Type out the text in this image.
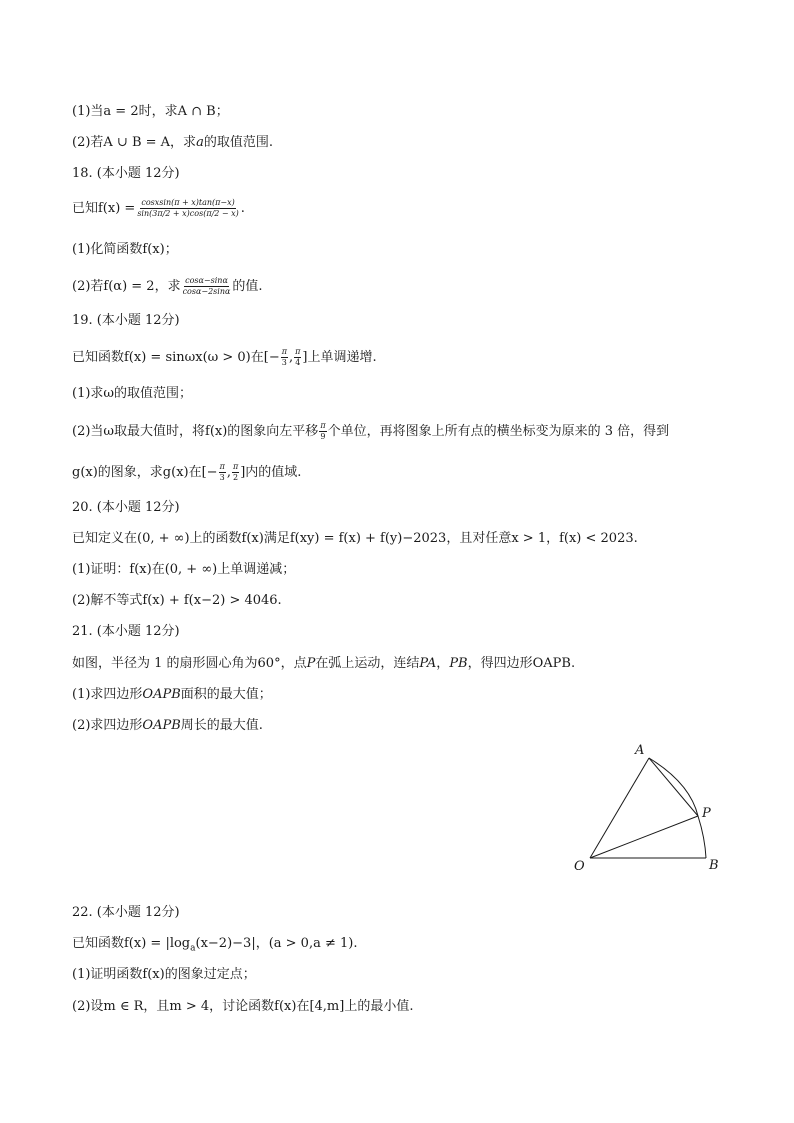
(1)当a = 2时，求A ∩ B；
(2)若A ∪ B = A，求a的取值范围.
18. (本小题 12分)
已知$f(x) = \frac{\text{cosxsin(π + x)tan(π−x)}}{\sin(3\pi/2 + x)\cos(\pi/2 - x)}$ .
(1)化简函数f(x)；
(2)若f(α) = 2，求 $\frac{\cos\alpha-\sin\alpha}{\cos\alpha-2\sin\alpha}$ 的值.
19. (本小题 12分)
已知函数f(x) = sinωx(ω > 0)在[− $\frac{\pi}{3}$ , $\frac{\pi}{4}$ ]上单调递增.
(1)求ω的取值范围；
(2)当ω取最大值时，将f(x)的图象向左平移 $\frac{\pi}{9}$ 个单位，再将图象上所有点的横坐标变为原来的 3 倍，得到
g(x)的图象，求g(x)在[− $\frac{\pi}{3}$ , $\frac{\pi}{2}$ ]内的值域.
20. (本小题 12分)
已知定义在(0, + ∞)上的函数f(x)满足f(xy) = f(x) + f(y)−2023，且对任意x > 1，f(x) < 2023.
(1)证明：f(x)在(0, + ∞)上单调递减；
(2)解不等式f(x) + f(x−2) > 4046.
21. (本小题 12分)
如图，半径为 1 的扇形圆心角为60°，点P在弧上运动，连结PA，PB，得四边形OAPB.
(1)求四边形OAPB面积的最大值；
(2)求四边形OAPB周长的最大值.
A
P
O	B
22. (本小题 12分)
已知函数$f(x) = |\log_a(x-2)-3|$，(a > 0,a ≠ 1).
(1)证明函数f(x)的图象过定点；
(2)设m ∈ R，且m > 4，讨论函数f(x)在[4,m]上的最小值.
